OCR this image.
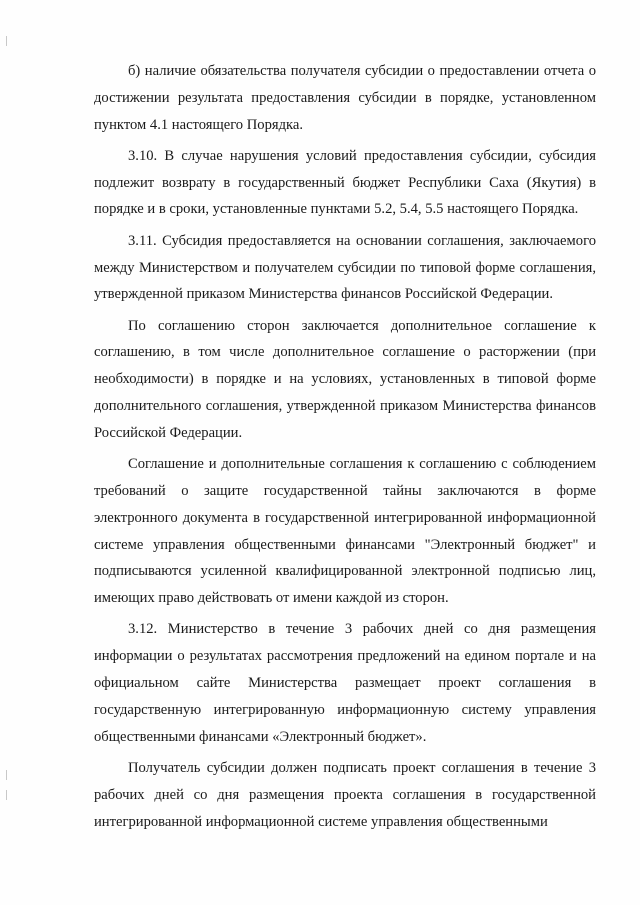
б) наличие обязательства получателя субсидии о предоставлении отчета о достижении результата предоставления субсидии в порядке, установленном пунктом 4.1 настоящего Порядка.

3.10. В случае нарушения условий предоставления субсидии, субсидия подлежит возврату в государственный бюджет Республики Саха (Якутия) в порядке и в сроки, установленные пунктами 5.2, 5.4, 5.5 настоящего Порядка.

3.11. Субсидия предоставляется на основании соглашения, заключаемого между Министерством и получателем субсидии по типовой форме соглашения, утвержденной приказом Министерства финансов Российской Федерации.

По соглашению сторон заключается дополнительное соглашение к соглашению, в том числе дополнительное соглашение о расторжении (при необходимости) в порядке и на условиях, установленных в типовой форме дополнительного соглашения, утвержденной приказом Министерства финансов Российской Федерации.

Соглашение и дополнительные соглашения к соглашению с соблюдением требований о защите государственной тайны заключаются в форме электронного документа в государственной интегрированной информационной системе управления общественными финансами "Электронный бюджет" и подписываются усиленной квалифицированной электронной подписью лиц, имеющих право действовать от имени каждой из сторон.

3.12. Министерство в течение 3 рабочих дней со дня размещения информации о результатах рассмотрения предложений на едином портале и на официальном сайте Министерства размещает проект соглашения в государственную интегрированную информационную систему управления общественными финансами «Электронный бюджет».

Получатель субсидии должен подписать проект соглашения в течение 3 рабочих дней со дня размещения проекта соглашения в государственной интегрированной информационной системе управления общественными
